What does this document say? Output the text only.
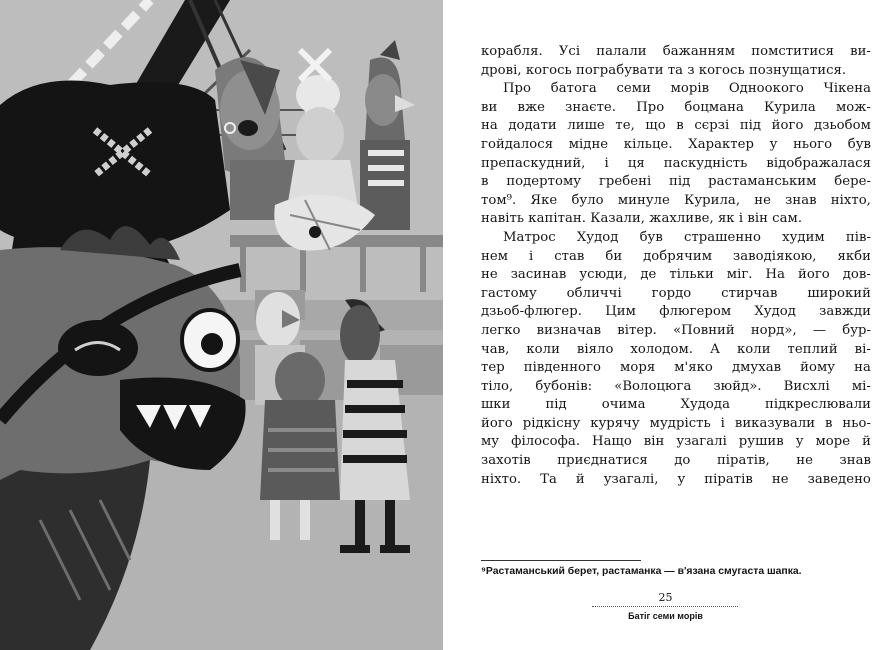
корабля. Усі палали бажанням помститися ви-
дрові, когось пограбувати та з когось познущатися.
Про батога семи морів Одноокого Чікена
ви вже знаєте. Про боцмана Курила мож-
на додати лише те, що в сєрзі під його дзьобом
гойдалося мідне кільце. Характер у нього був
препаскудний, і ця паскудність відображалася
в подертому гребені під растаманським бере-
том⁹. Яке було минуле Курила, не знав ніхто,
навіть капітан. Казали, жахливе, як і він сам.
Матрос Худод був страшенно худим пів-
нем і став би добрячим заводіякою, якби
не засинав усюди, де тільки міг. На його дов-
гастому обличчі гордо стирчав широкий
дзьоб-флюгер. Цим флюгером Худод завжди
легко визначав вітер. «Повний норд», — бур-
чав, коли віяло холодом. А коли теплий ві-
тер південного моря м'яко дмухав йому на
тіло, бубонів: «Волоцюга зюйд». Висхлі мі-
шки	під	очима	Худода	підкреслювали
його рідкісну курячу мудрість і виказували в ньо-
му філософа. Нащо він узагалі рушив у море й
захотів приєднатися до піратів, не знав
ніхто. Та й узагалі, у піратів не заведено
⁹Растаманський берет, растаманка — в'язана смугаста шапка.
25
Батіг семи морів
